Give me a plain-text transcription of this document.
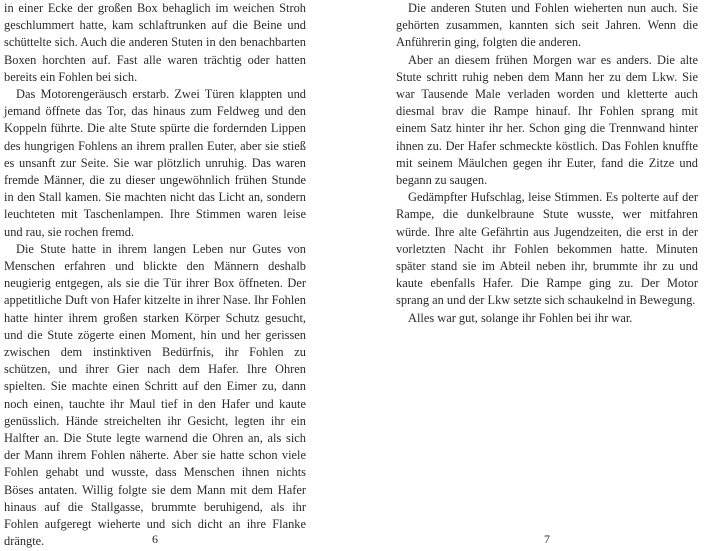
in einer Ecke der großen Box behaglich im weichen Stroh geschlummert hatte, kam schlaftrunken auf die Beine und schüttelte sich. Auch die anderen Stuten in den benachbarten Boxen horchten auf. Fast alle waren trächtig oder hatten bereits ein Fohlen bei sich.

Das Motorengeräusch erstarb. Zwei Türen klappten und jemand öffnete das Tor, das hinaus zum Feldweg und den Koppeln führte. Die alte Stute spürte die fordernden Lippen des hungrigen Fohlens an ihrem prallen Euter, aber sie stieß es unsanft zur Seite. Sie war plötzlich unruhig. Das waren fremde Männer, die zu dieser ungewöhnlich frühen Stunde in den Stall kamen. Sie machten nicht das Licht an, sondern leuchteten mit Taschenlampen. Ihre Stimmen waren leise und rau, sie rochen fremd.

Die Stute hatte in ihrem langen Leben nur Gutes von Menschen erfahren und blickte den Männern deshalb neugierig entgegen, als sie die Tür ihrer Box öffneten. Der appetitliche Duft von Hafer kitzelte in ihrer Nase. Ihr Fohlen hatte hinter ihrem großen starken Körper Schutz gesucht, und die Stute zögerte einen Moment, hin und her gerissen zwischen dem instinktiven Bedürfnis, ihr Fohlen zu schützen, und ihrer Gier nach dem Hafer. Ihre Ohren spielten. Sie machte einen Schritt auf den Eimer zu, dann noch einen, tauchte ihr Maul tief in den Hafer und kaute genüsslich. Hände streichelten ihr Gesicht, legten ihr ein Halfter an. Die Stute legte warnend die Ohren an, als sich der Mann ihrem Fohlen näherte. Aber sie hatte schon viele Fohlen gehabt und wusste, dass Menschen ihnen nichts Böses antaten. Willig folgte sie dem Mann mit dem Hafer hinaus auf die Stallgasse, brummte beruhigend, als ihr Fohlen aufgeregt wieherte und sich dicht an ihre Flanke drängte.	6

Die anderen Stuten und Fohlen wieherten nun auch. Sie gehörten zusammen, kannten sich seit Jahren. Wenn die Anführerin ging, folgten die anderen.

Aber an diesem frühen Morgen war es anders. Die alte Stute schritt ruhig neben dem Mann her zu dem Lkw. Sie war Tausende Male verladen worden und kletterte auch diesmal brav die Rampe hinauf. Ihr Fohlen sprang mit einem Satz hinter ihr her. Schon ging die Trennwand hinter ihnen zu. Der Hafer schmeckte köstlich. Das Fohlen knuffte mit seinem Mäulchen gegen ihr Euter, fand die Zitze und begann zu saugen.

Gedämpfter Hufschlag, leise Stimmen. Es polterte auf der Rampe, die dunkelbraune Stute wusste, wer mitfahren würde. Ihre alte Gefährtin aus Jugendzeiten, die erst in der vorletzten Nacht ihr Fohlen bekommen hatte. Minuten später stand sie im Abteil neben ihr, brummte ihr zu und kaute ebenfalls Hafer. Die Rampe ging zu. Der Motor sprang an und der Lkw setzte sich schaukelnd in Bewegung.

Alles war gut, solange ihr Fohlen bei ihr war.

7
